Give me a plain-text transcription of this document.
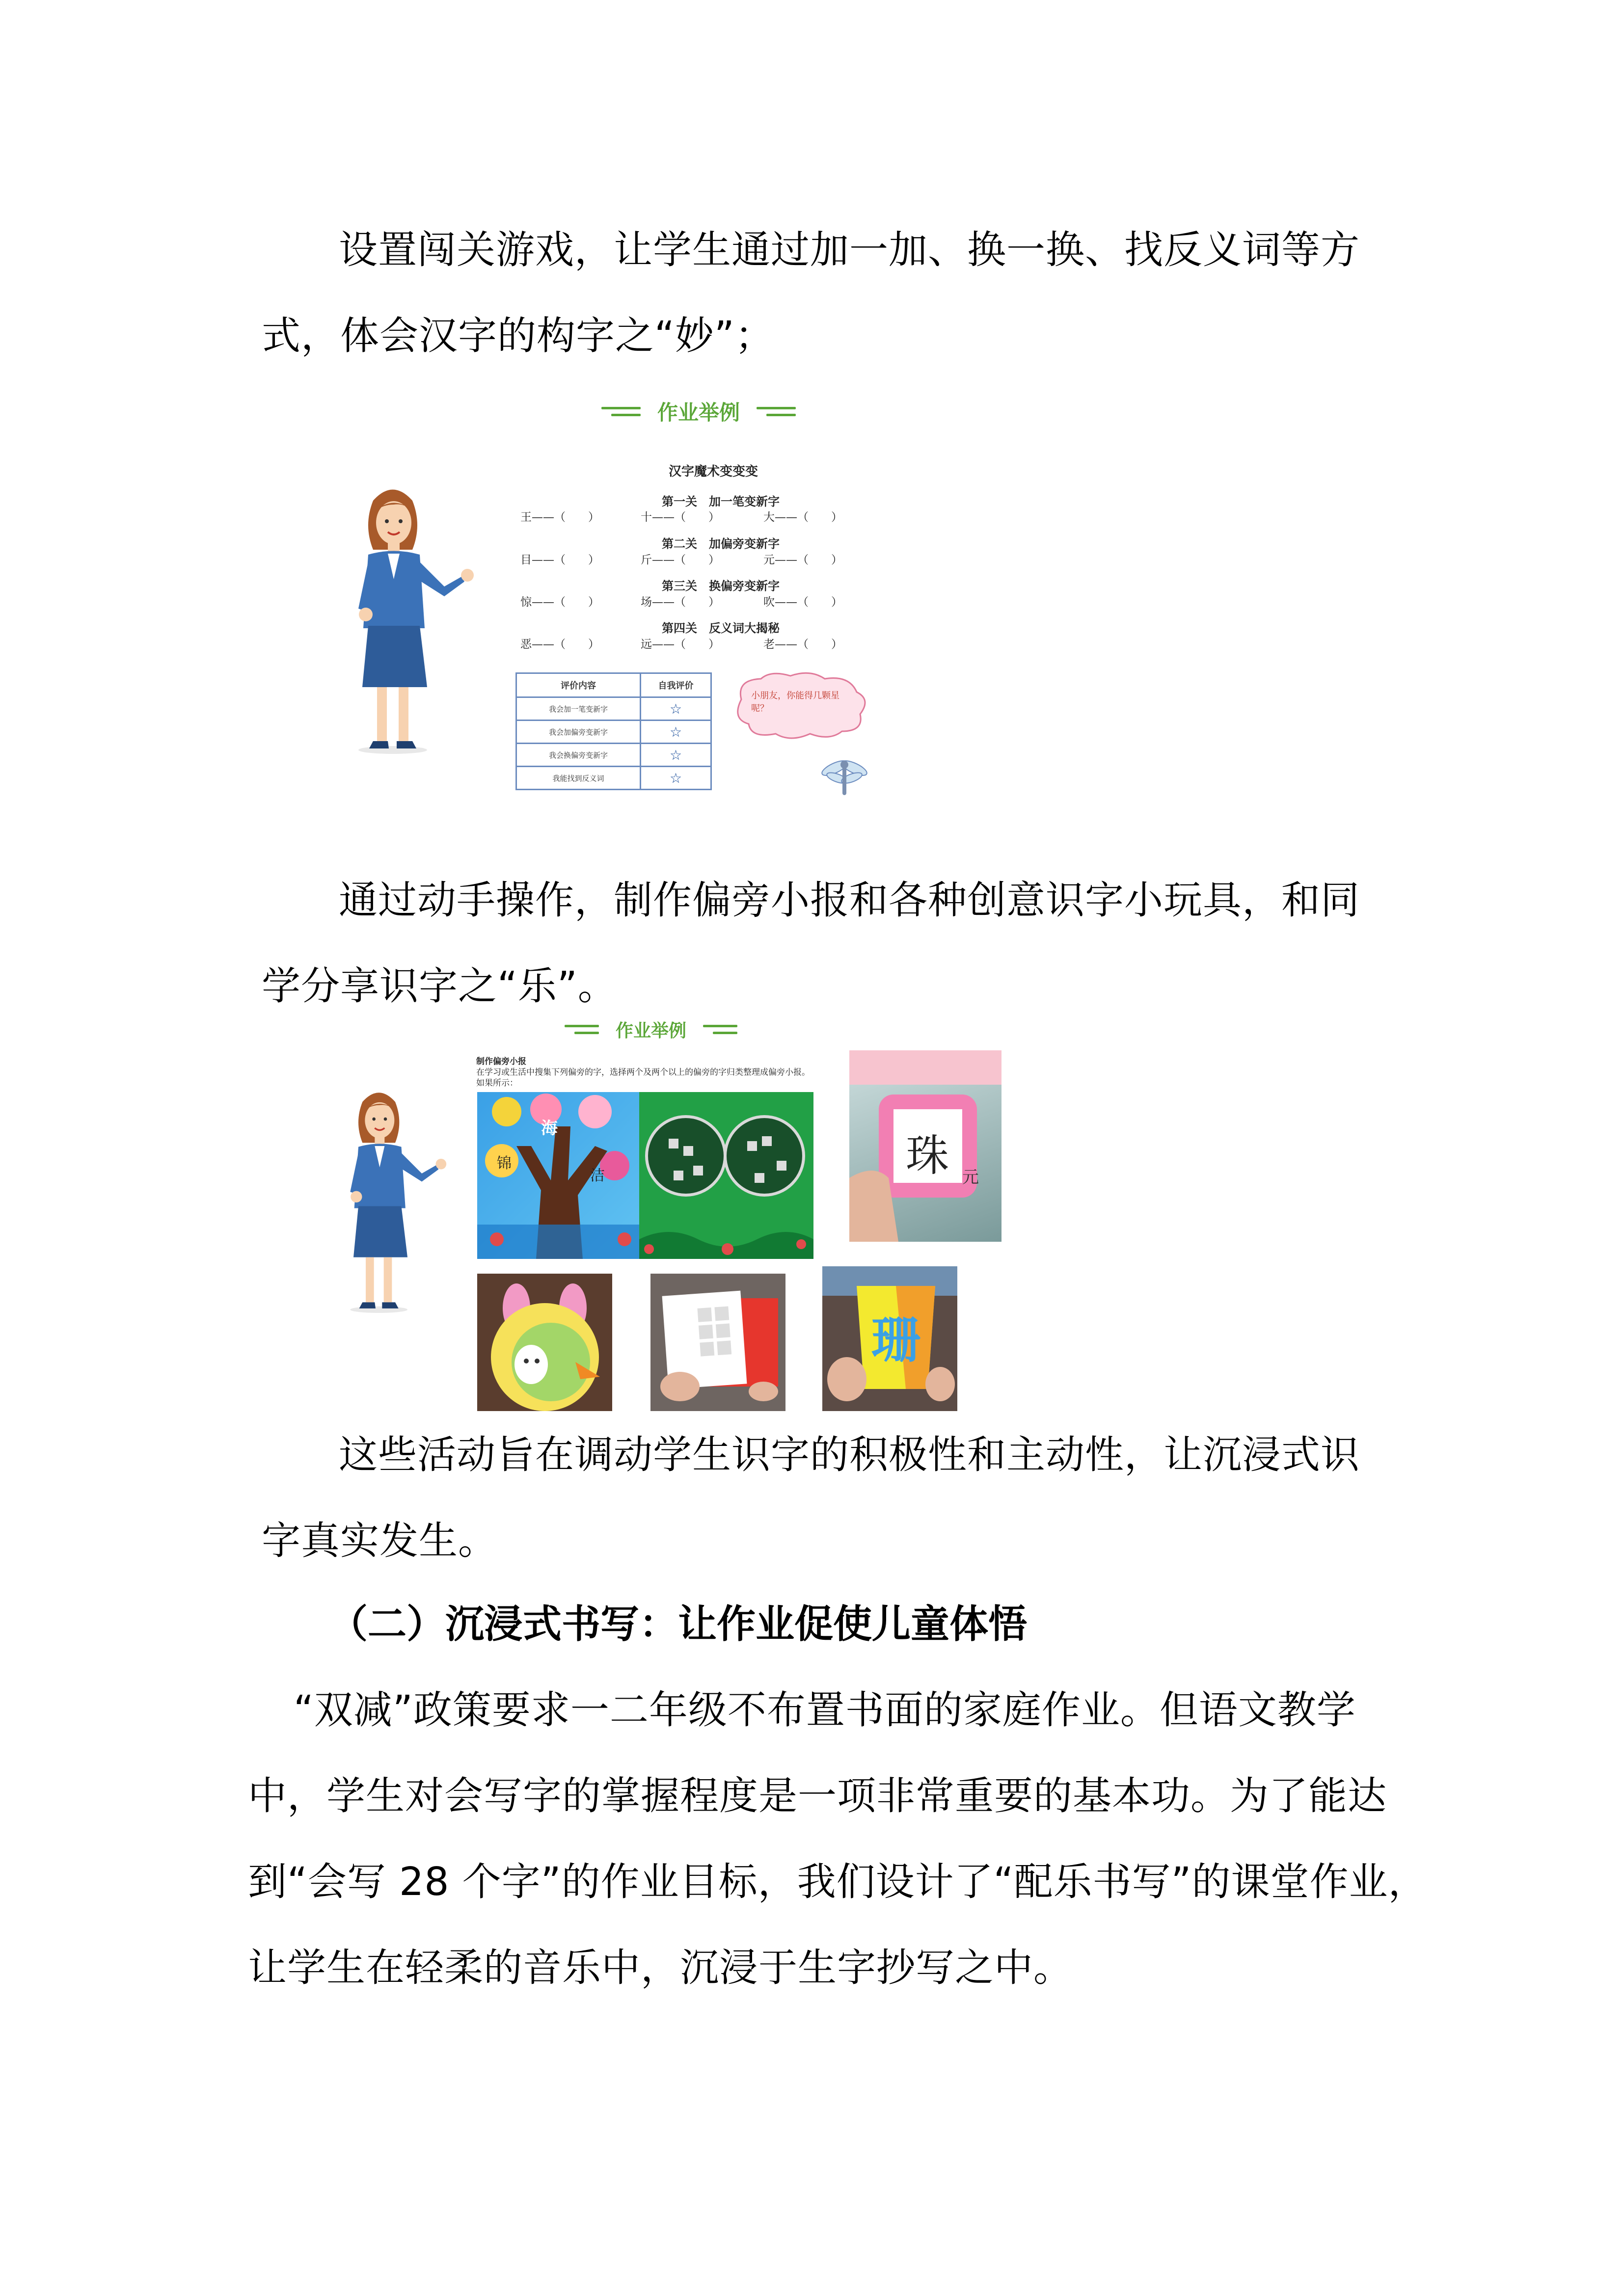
设置闯关游戏，让学生通过加一加、换一换、找反义词等方
式，体会汉字的构字之“妙”；
作业举例
汉字魔术变变变
第一关　加一笔变新字
王——（　　）	十——（　　）	大——（　　）
第二关　加偏旁变新字
目——（　　）	斤——（　　）	元——（　　）
第三关　换偏旁变新字
惊——（　　）	场——（　　）	吹——（　　）
第四关　反义词大揭秘
恶——（　　）	远——（　　）	老——（　　）
评价内容	自我评价
我会加一笔变新字	☆
我会加偏旁变新字	☆
我会换偏旁变新字	☆
我能找到反义词	☆
小朋友，你能得几颗星呢？
通过动手操作，制作偏旁小报和各种创意识字小玩具，和同
学分享识字之“乐”。
作业举例
制作偏旁小报
在学习或生活中搜集下列偏旁的字，选择两个及两个以上的偏旁的字归类整理成偏旁小报。
如果所示：
海
锦
洁	元
珠
珊
这些活动旨在调动学生识字的积极性和主动性，让沉浸式识
字真实发生。
（二）沉浸式书写：让作业促使儿童体悟
“双减”政策要求一二年级不布置书面的家庭作业。但语文教学
中，学生对会写字的掌握程度是一项非常重要的基本功。为了能达
到“会写 28 个字”的作业目标，我们设计了“配乐书写”的课堂作业，
让学生在轻柔的音乐中，沉浸于生字抄写之中。
